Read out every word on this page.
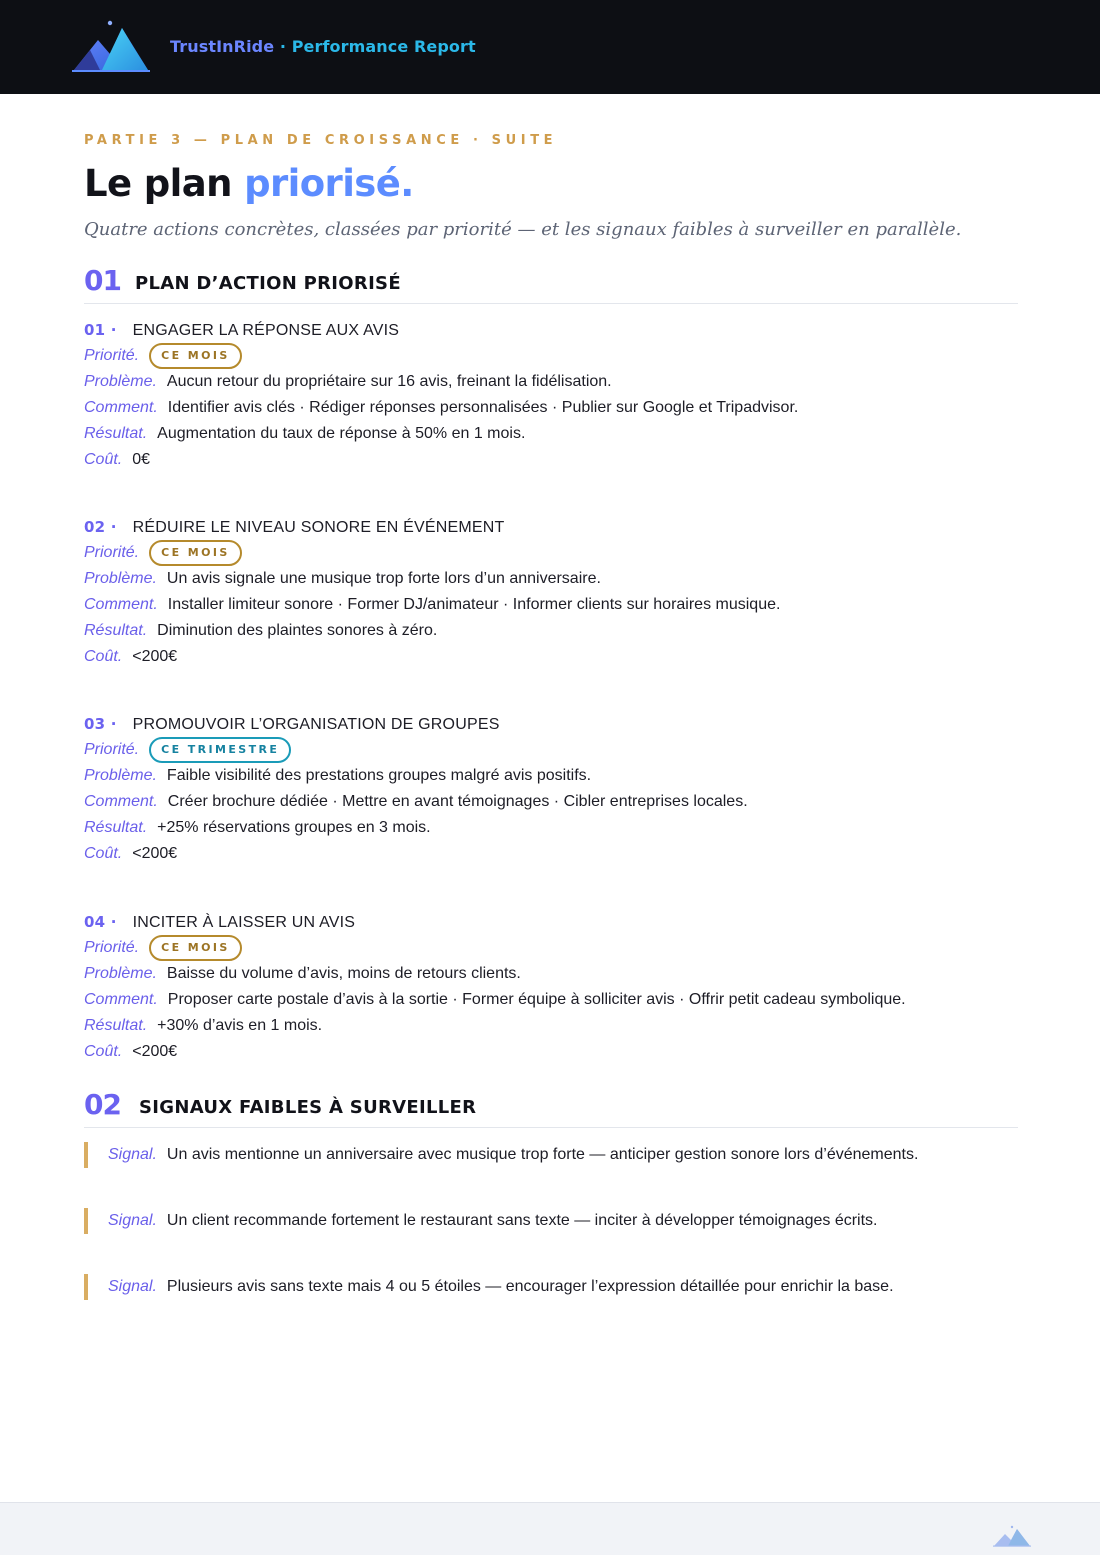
TrustInRide · Performance Report
PARTIE 3 — PLAN DE CROISSANCE · SUITE
Le plan priorisé.
Quatre actions concrètes, classées par priorité — et les signaux faibles à surveiller en parallèle.
01 PLAN D’ACTION PRIORISÉ
01 · ENGAGER LA RÉPONSE AUX AVIS
Priorité.	CE MOIS
Problème. Aucun retour du propriétaire sur 16 avis, freinant la fidélisation.
Comment. Identifier avis clés · Rédiger réponses personnalisées · Publier sur Google et Tripadvisor.
Résultat. Augmentation du taux de réponse à 50% en 1 mois.
Coût. 0€
02 · RÉDUIRE LE NIVEAU SONORE EN ÉVÉNEMENT
Priorité.	CE MOIS
Problème. Un avis signale une musique trop forte lors d’un anniversaire.
Comment. Installer limiteur sonore · Former DJ/animateur · Informer clients sur horaires musique.
Résultat. Diminution des plaintes sonores à zéro.
Coût. <200€
03 · PROMOUVOIR L’ORGANISATION DE GROUPES
Priorité.	CE TRIMESTRE
Problème. Faible visibilité des prestations groupes malgré avis positifs.
Comment. Créer brochure dédiée · Mettre en avant témoignages · Cibler entreprises locales.
Résultat. +25% réservations groupes en 3 mois.
Coût. <200€
04 · INCITER À LAISSER UN AVIS
Priorité.	CE MOIS
Problème. Baisse du volume d’avis, moins de retours clients.
Comment. Proposer carte postale d’avis à la sortie · Former équipe à solliciter avis · Offrir petit cadeau symbolique.
Résultat. +30% d’avis en 1 mois.
Coût. <200€
02 SIGNAUX FAIBLES À SURVEILLER
Signal. Un avis mentionne un anniversaire avec musique trop forte — anticiper gestion sonore lors d’événements.
Signal. Un client recommande fortement le restaurant sans texte — inciter à développer témoignages écrits.
Signal. Plusieurs avis sans texte mais 4 ou 5 étoiles — encourager l’expression détaillée pour enrichir la base.
